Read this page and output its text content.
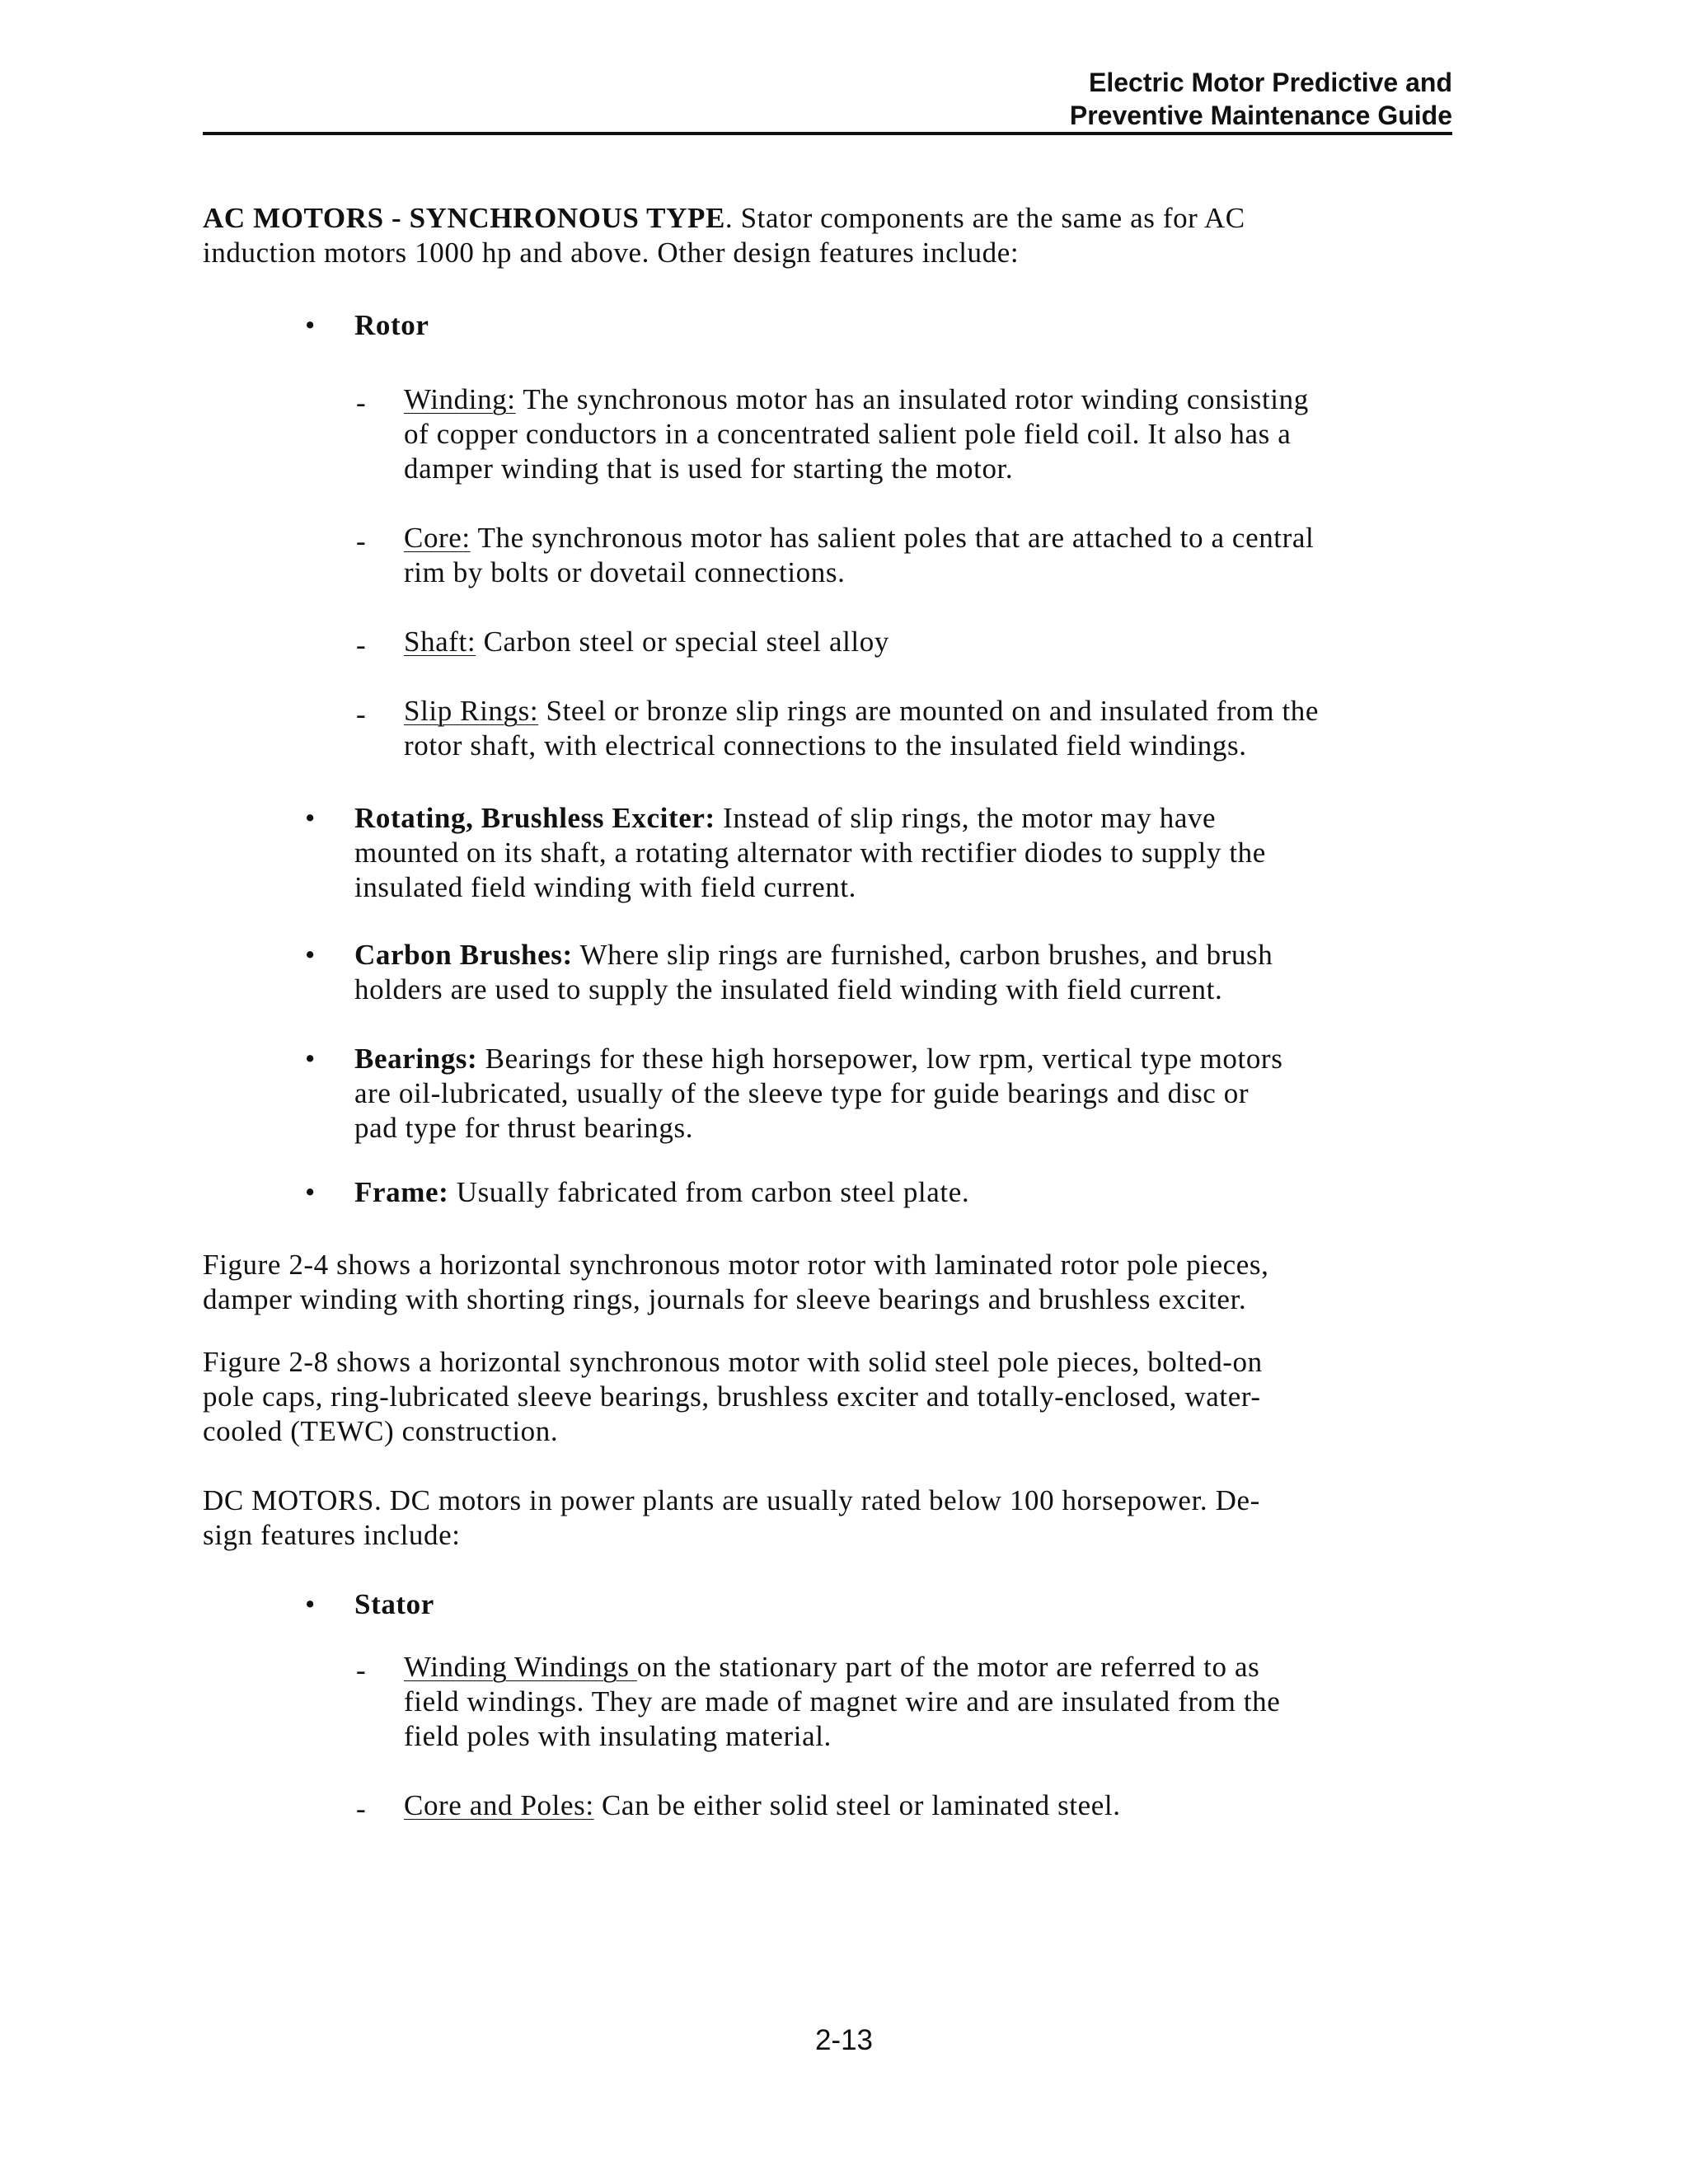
Electric Motor Predictive and
Preventive Maintenance Guide

AC MOTORS - SYNCHRONOUS TYPE. Stator components are the same as for AC
induction motors 1000 hp and above. Other design features include:

• Rotor

- Winding: The synchronous motor has an insulated rotor winding consisting
of copper conductors in a concentrated salient pole field coil. It also has a
damper winding that is used for starting the motor.

- Core: The synchronous motor has salient poles that are attached to a central
rim by bolts or dovetail connections.

- Shaft: Carbon steel or special steel alloy

- Slip Rings: Steel or bronze slip rings are mounted on and insulated from the
rotor shaft, with electrical connections to the insulated field windings.

• Rotating, Brushless Exciter: Instead of slip rings, the motor may have
mounted on its shaft, a rotating alternator with rectifier diodes to supply the
insulated field winding with field current.

• Carbon Brushes: Where slip rings are furnished, carbon brushes, and brush
holders are used to supply the insulated field winding with field current.

• Bearings: Bearings for these high horsepower, low rpm, vertical type motors
are oil-lubricated, usually of the sleeve type for guide bearings and disc or
pad type for thrust bearings.

• Frame: Usually fabricated from carbon steel plate.

Figure 2-4 shows a horizontal synchronous motor rotor with laminated rotor pole pieces,
damper winding with shorting rings, journals for sleeve bearings and brushless exciter.

Figure 2-8 shows a horizontal synchronous motor with solid steel pole pieces, bolted-on
pole caps, ring-lubricated sleeve bearings, brushless exciter and totally-enclosed, water-
cooled (TEWC) construction.

DC MOTORS. DC motors in power plants are usually rated below 100 horsepower. De-
sign features include:

• Stator

- Winding Windings on the stationary part of the motor are referred to as
field windings. They are made of magnet wire and are insulated from the
field poles with insulating material.

- Core and Poles: Can be either solid steel or laminated steel.

2-13
